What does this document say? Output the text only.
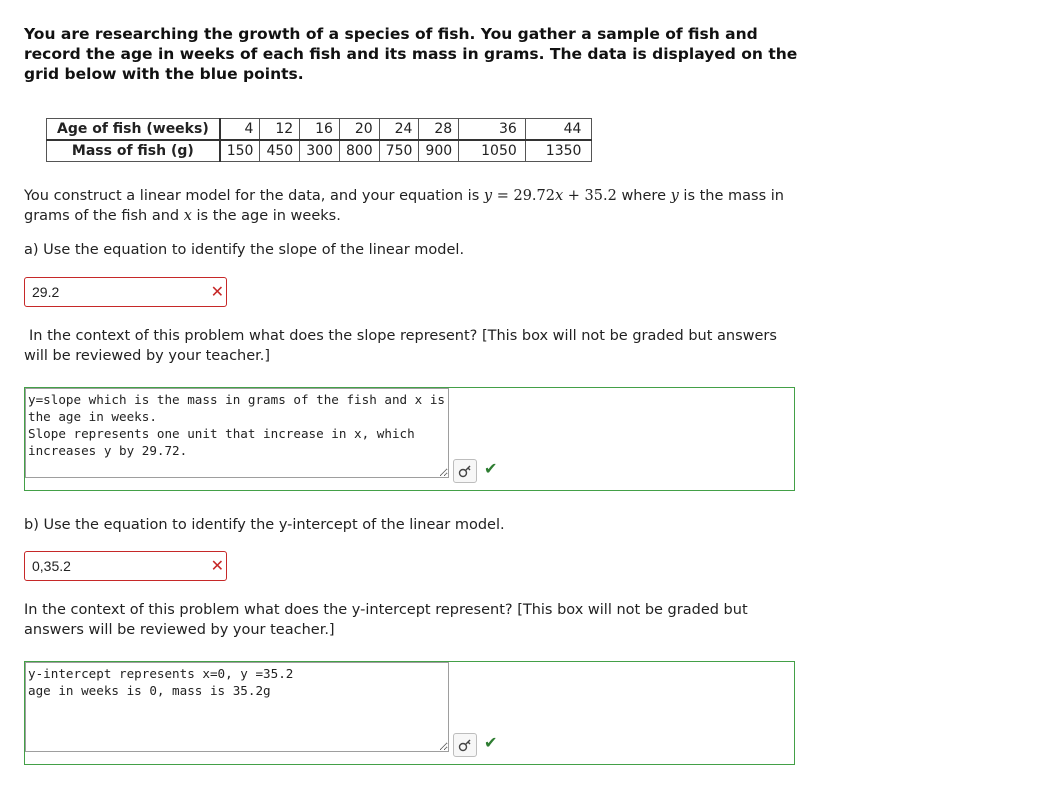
You are researching the growth of a species of fish. You gather a sample of fish and record the age in weeks of each fish and its mass in grams. The data is displayed on the grid below with the blue points.
Age of fish (weeks)	4	12	16	20	24	28	36	44
Mass of fish (g)	150	450	300	800	750	900	1050	1350
You construct a linear model for the data, and your equation is y = 29.72x + 35.2 where y is the mass in grams of the fish and x is the age in weeks.
a) Use the equation to identify the slope of the linear model.
29.2
✕
In the context of this problem what does the slope represent? [This box will not be graded but answers will be reviewed by your teacher.]
y=slope which is the mass in grams of the fish and x is the age in weeks. Slope represents one unit that increase in x, which increases y by 29.72.
✔
b) Use the equation to identify the y-intercept of the linear model.
0,35.2
✕
In the context of this problem what does the y-intercept represent? [This box will not be graded but answers will be reviewed by your teacher.]
y-intercept represents x=0, y =35.2 age in weeks is 0, mass is 35.2g
✔
